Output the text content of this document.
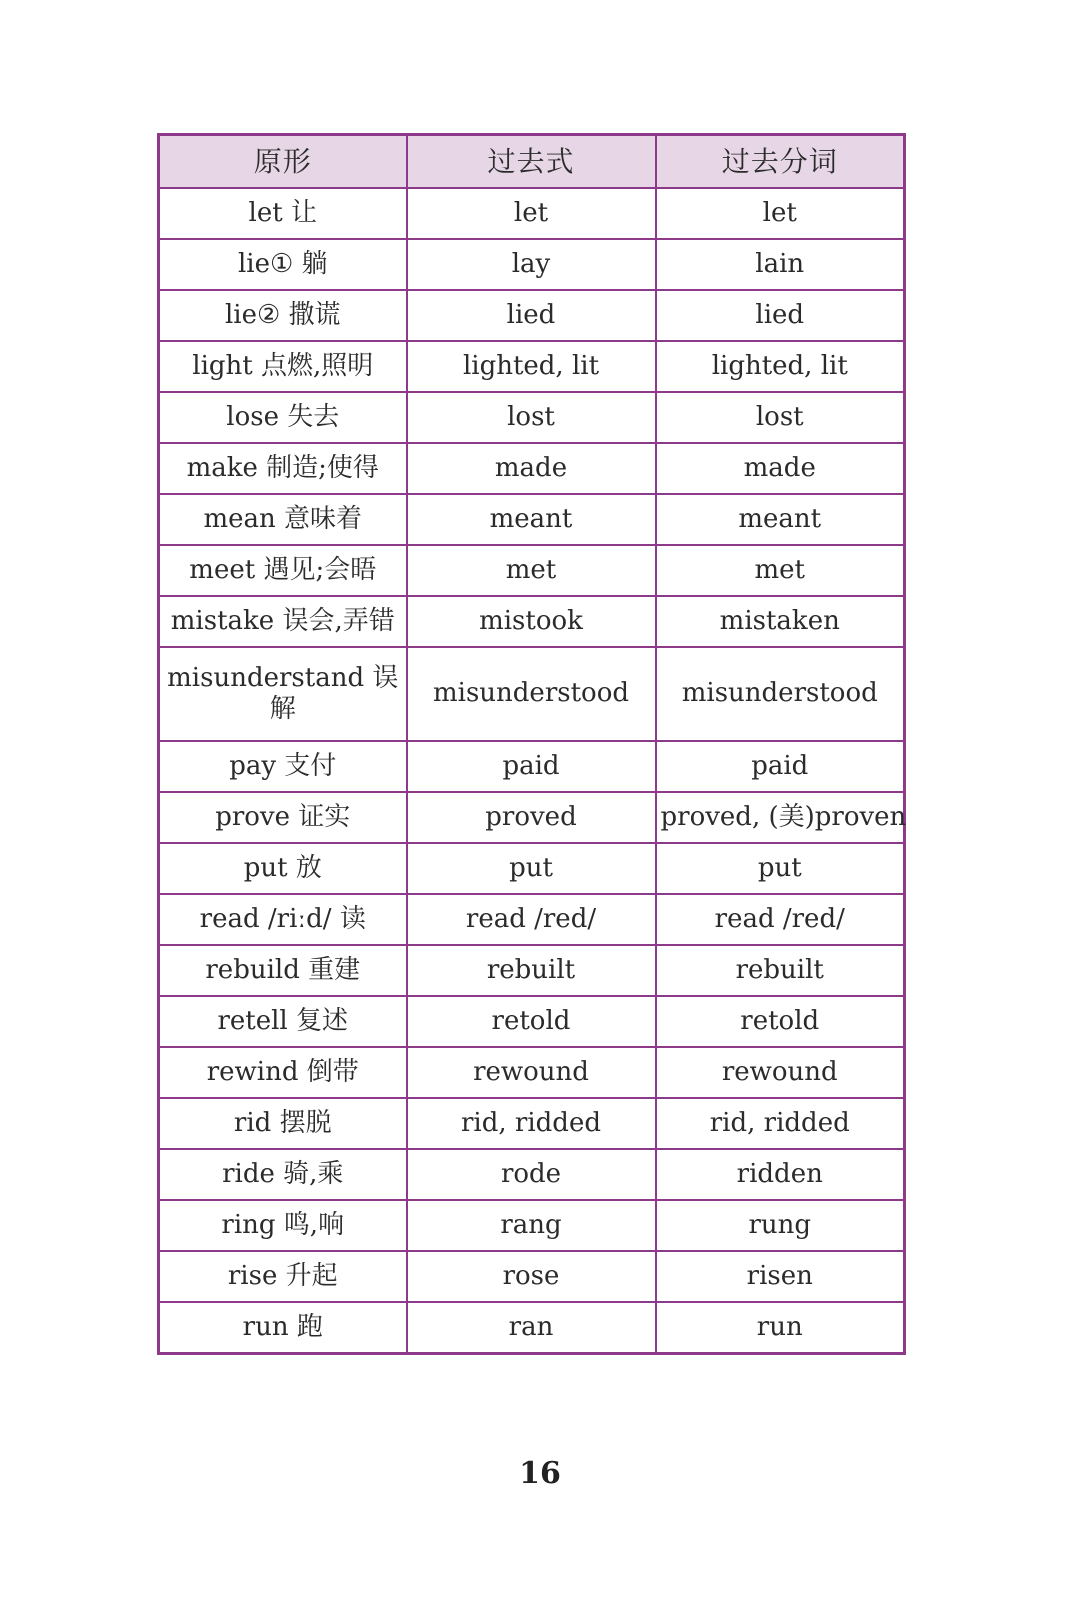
原形	过去式	过去分词
let 让	let	let
lie① 躺	lay	lain
lie② 撒谎	lied	lied
light 点燃,照明	lighted, lit	lighted, lit
lose 失去	lost	lost
make 制造;使得	made	made
mean 意味着	meant	meant
meet 遇见;会晤	met	met
mistake 误会,弄错	mistook	mistaken
misunderstand 误解	misunderstood	misunderstood
pay 支付	paid	paid
prove 证实	proved	proved, (美)proven
put 放	put	put
read /riːd/ 读	read /red/	read /red/
rebuild 重建	rebuilt	rebuilt
retell 复述	retold	retold
rewind 倒带	rewound	rewound
rid 摆脱	rid, ridded	rid, ridded
ride 骑,乘	rode	ridden
ring 鸣,响	rang	rung
rise 升起	rose	risen
run 跑	ran	run
16
